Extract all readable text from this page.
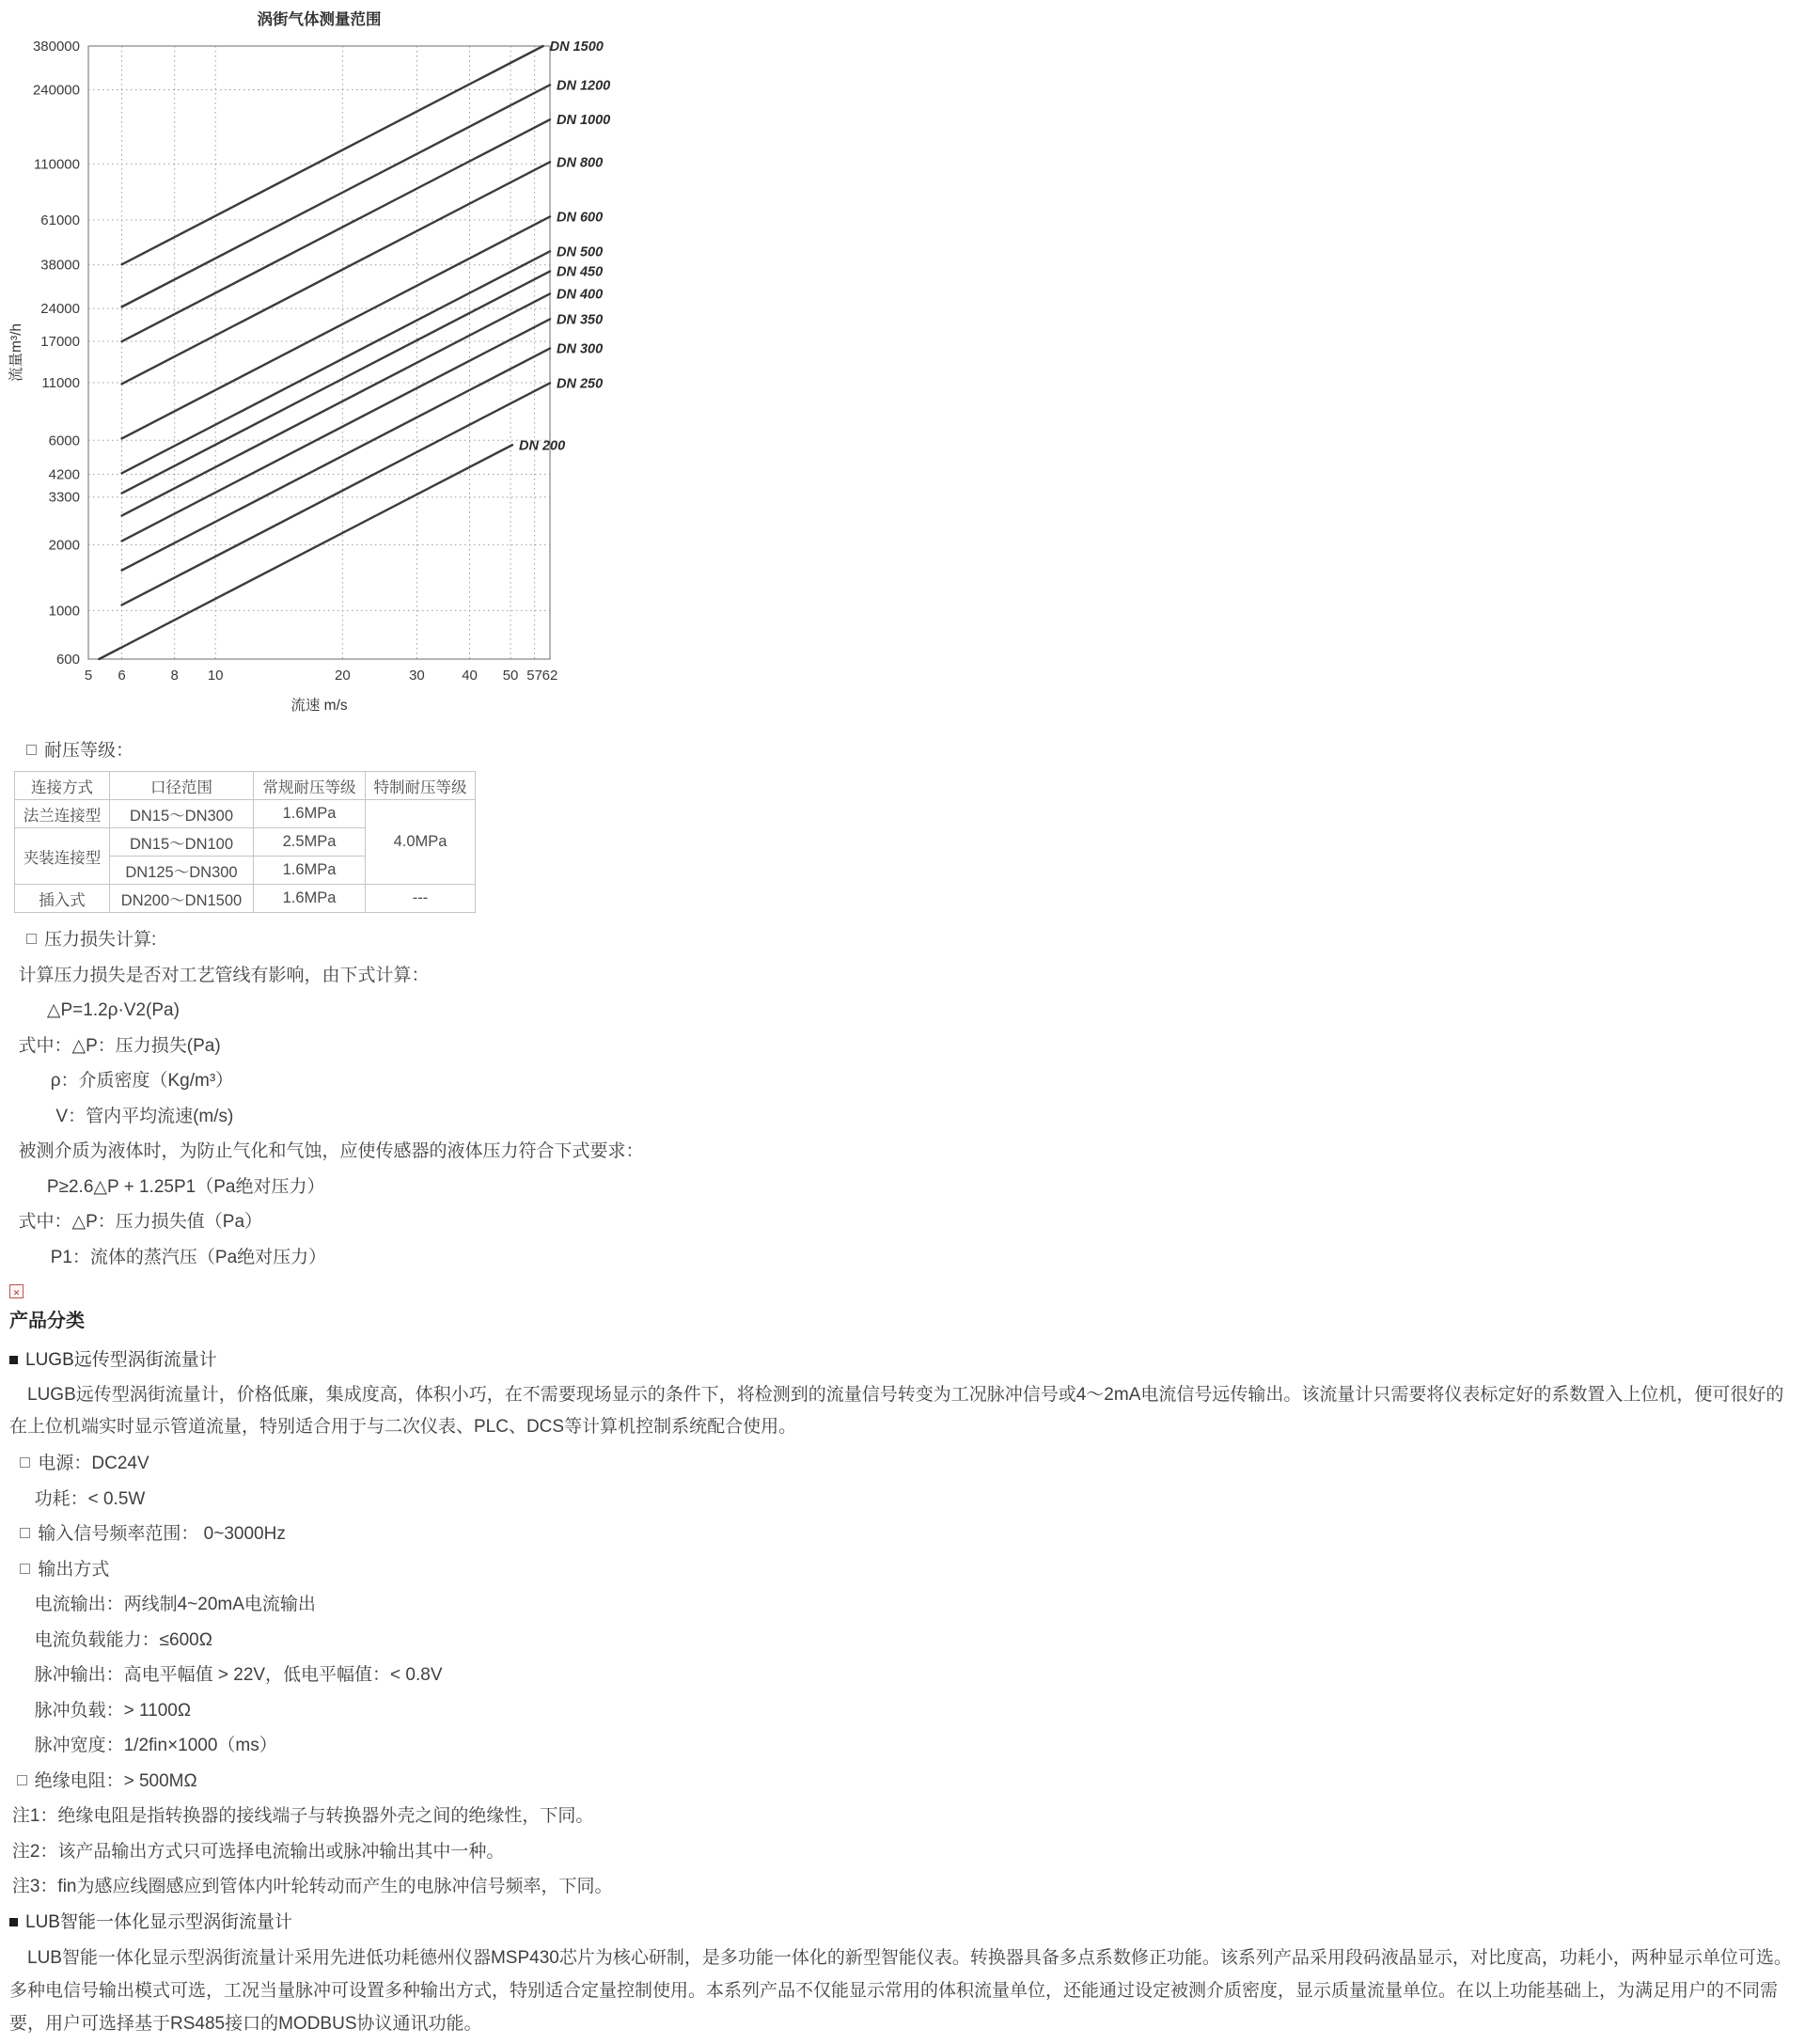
5 6	8 10	20	30	40 50 57 62
600
1000
2000
3300
4200
6000
11000
17000
24000
38000
61000
110000
240000
380000	DN 1500
DN 1200
DN 1000
DN 800
DN 600
DN 500
DN 450
DN 400
DN 350
DN 300
DN 250
DN 200
涡街气体测量范围
流速 m/s
流量m³/h
耐压等级：
连接方式	口径范围	常规耐压等级	特制耐压等级
法兰连接型	DN15～DN300	1.6MPa	4.0MPa
夹装连接型	DN15～DN100	2.5MPa	
	DN125～DN300	1.6MPa	
插入式	DN200～DN1500	1.6MPa	---
压力损失计算:
计算压力损失是否对工艺管线有影响，由下式计算：
△P=1.2ρ·V2(Pa)
式中：△P：压力损失(Pa)
ρ：介质密度（Kg/m³）
V：管内平均流速(m/s)
被测介质为液体时，为防止气化和气蚀，应使传感器的液体压力符合下式要求：
P≥2.6△P + 1.25P1（Pa绝对压力）
式中：△P：压力损失值（Pa）
P1：流体的蒸汽压（Pa绝对压力）
✕
产品分类
LUGB远传型涡街流量计
LUGB远传型涡街流量计，价格低廉，集成度高，体积小巧，在不需要现场显示的条件下，将检测到的流量信号转变为工况脉冲信号或4～2mA电流信号远传输出。该流量计只需要将仪表标定好的系数置入上位机，便可很好的在上位机端实时显示管道流量，特别适合用于与二次仪表、PLC、DCS等计算机控制系统配合使用。
电源：DC24V
功耗：< 0.5W
输入信号频率范围： 0~3000Hz
输出方式
电流输出：两线制4~20mA电流输出
电流负载能力：≤600Ω
脉冲输出：高电平幅值 > 22V，低电平幅值：< 0.8V
脉冲负载：> 1100Ω
脉冲宽度：1/2fin×1000（ms）
绝缘电阻：> 500MΩ
注1：绝缘电阻是指转换器的接线端子与转换器外壳之间的绝缘性，下同。
注2：该产品输出方式只可选择电流输出或脉冲输出其中一种。
注3：fin为感应线圈感应到管体内叶轮转动而产生的电脉冲信号频率，下同。
LUB智能一体化显示型涡街流量计
LUB智能一体化显示型涡街流量计采用先进低功耗德州仪器MSP430芯片为核心研制，是多功能一体化的新型智能仪表。转换器具备多点系数修正功能。该系列产品采用段码液晶显示，对比度高，功耗小，两种显示单位可选。多种电信号输出模式可选，工况当量脉冲可设置多种输出方式，特别适合定量控制使用。本系列产品不仅能显示常用的体积流量单位，还能通过设定被测介质密度，显示质量流量单位。在以上功能基础上，为满足用户的不同需要，用户可选择基于RS485接口的MODBUS协议通讯功能。
